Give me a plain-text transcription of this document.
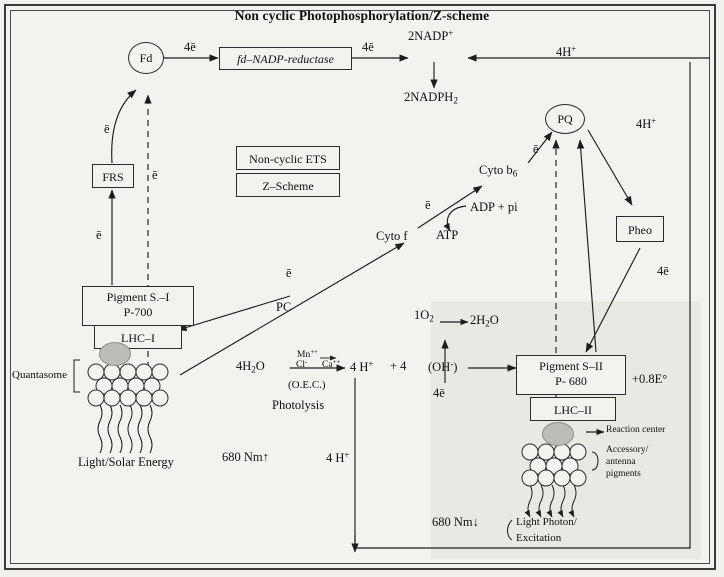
Non cyclic Photophosphorylation/Z-scheme
Fd	fd–NADP-reductase
2NADP+
$2NADPH_2$
4H+
FRS
Non-cyclic ETS
Z–Scheme
Pigment S.–I
P-700
LHC–I
PC
Cyto f
ADP + pi
ATP
Cyto $b_6$
PQ	4H+
Pheo
Pigment S–II
P- 680
LHC–II
+0.8E°
Reaction center
Accessory/
antenna
pigments
Quantasome
Light/Solar Energy	680 Nm↑
680 Nm↓	Light Photon/
Excitation
$4H_2O$
Mn++
Cl- Ca++
(O.E.C.)
Photolysis
4 H+ + 4 (OH-)
$1O_2$	$2H_2O$
4 H+
4ē	4ē
ē
ē
ē
ē
ē
ē
4ē
4ē
